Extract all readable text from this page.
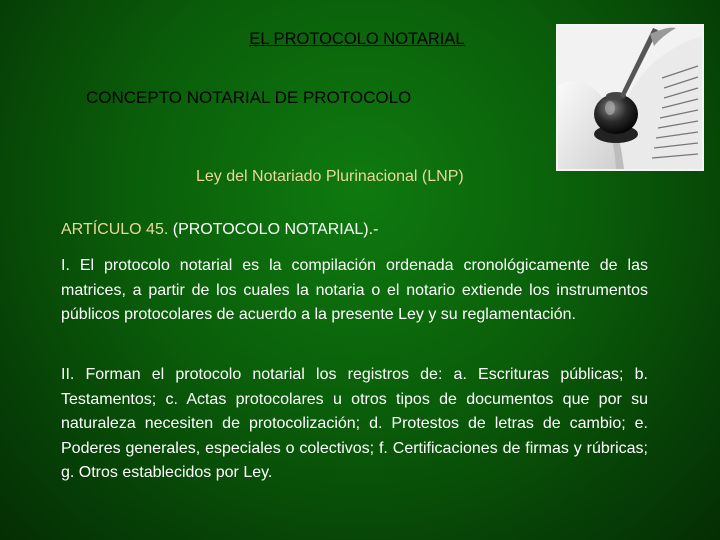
EL PROTOCOLO NOTARIAL
CONCEPTO NOTARIAL DE PROTOCOLO
Ley del Notariado Plurinacional (LNP)
ARTÍCULO 45. (PROTOCOLO NOTARIAL).-
I. El protocolo notarial es la compilación ordenada cronológicamente de las matrices, a partir de los cuales la notaria o el notario extiende los instrumentos públicos protocolares de acuerdo a la presente Ley y su reglamentación.
II. Forman el protocolo notarial los registros de: a. Escrituras públicas; b. Testamentos; c. Actas protocolares u otros tipos de documentos que por su naturaleza necesiten de protocolización; d. Protestos de letras de cambio; e. Poderes generales, especiales o colectivos; f. Certificaciones de firmas y rúbricas; g. Otros establecidos por Ley.
